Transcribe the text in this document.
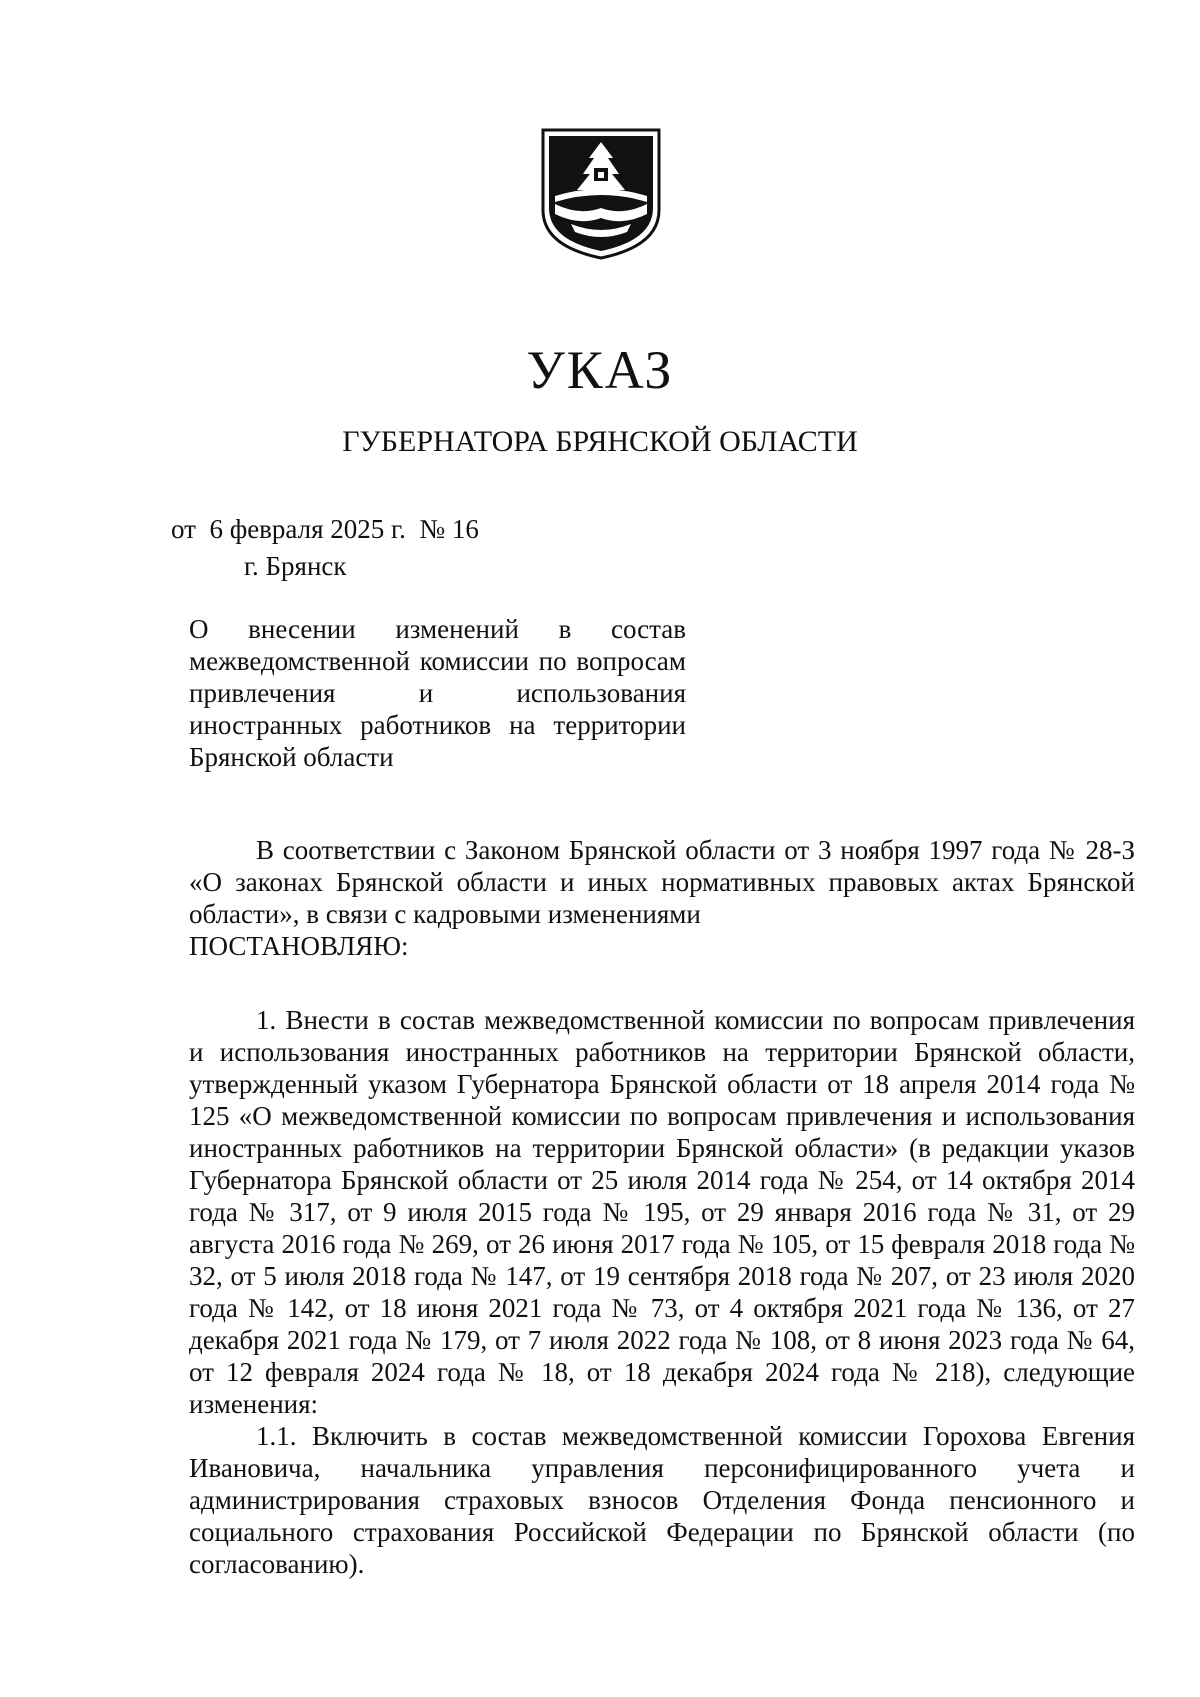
УКАЗ
ГУБЕРНАТОРА БРЯНСКОЙ ОБЛАСТИ
от  6 февраля 2025 г.  № 16
г. Брянск

О внесении изменений в состав межведомственной комиссии по вопросам привлечения и использования иностранных работников на территории Брянской области

В соответствии с Законом Брянской области от 3 ноября 1997 года № 28-З «О законах Брянской области и иных нормативных правовых актах Брянской области», в связи с кадровыми изменениями

ПОСТАНОВЛЯЮ:

1. Внести в состав межведомственной комиссии по вопросам привлечения и использования иностранных работников на территории Брянской области, утвержденный указом Губернатора Брянской области от 18 апреля 2014 года № 125 «О межведомственной комиссии по вопросам привлечения и использования иностранных работников на территории Брянской области» (в редакции указов Губернатора Брянской области от 25 июля 2014 года № 254, от 14 октября 2014 года № 317, от 9 июля 2015 года № 195, от 29 января 2016 года № 31, от 29 августа 2016 года № 269, от 26 июня 2017 года № 105, от 15 февраля 2018 года № 32, от 5 июля 2018 года № 147, от 19 сентября 2018 года № 207, от 23 июля 2020 года № 142, от 18 июня 2021 года № 73, от 4 октября 2021 года № 136, от 27 декабря 2021 года № 179, от 7 июля 2022 года № 108, от 8 июня 2023 года № 64, от 12 февраля 2024 года № 18, от 18 декабря 2024 года № 218), следующие изменения:

1.1. Включить в состав межведомственной комиссии Горохова Евгения Ивановича, начальника управления персонифицированного учета и администрирования страховых взносов Отделения Фонда пенсионного и социального страхования Российской Федерации по Брянской области (по согласованию).
